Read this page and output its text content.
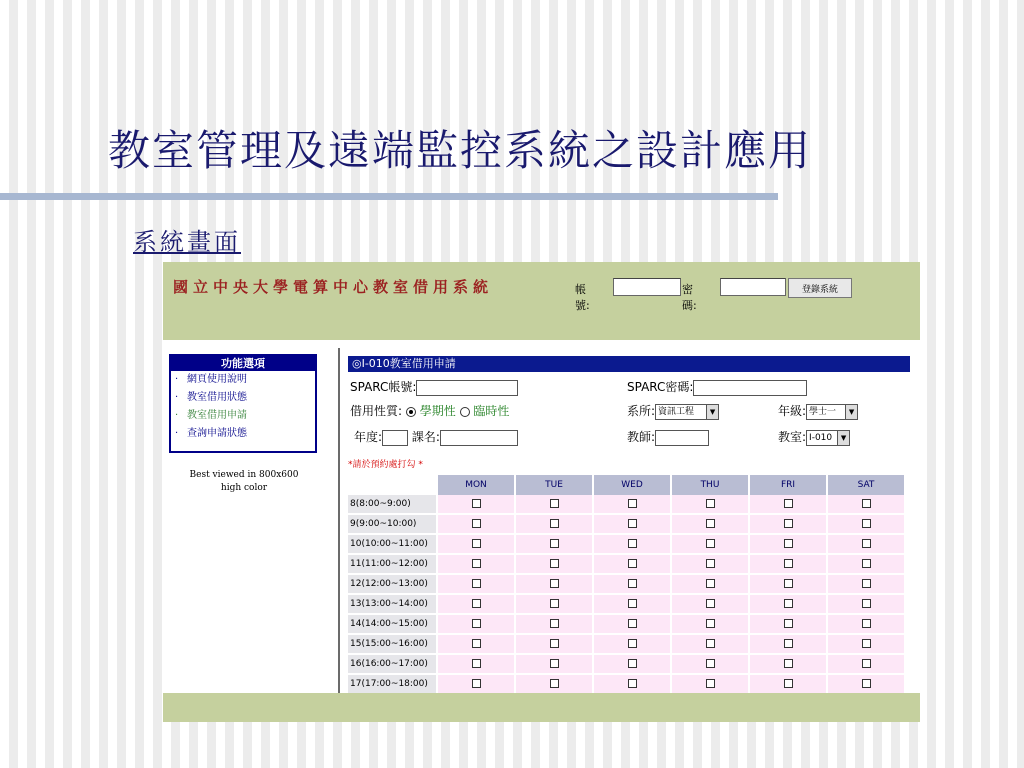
教室管理及遠端監控系統之設計應用
系統畫面
國立中央大學電算中心教室借用系統	帳號:
密碼:
登錄系統
功能選項
‧ 網頁使用說明
‧ 教室借用狀態
‧ 教室借用申請
‧ 查詢申請狀態
Best viewed in 800x600
high color
◎I-010教室借用申請
SPARC帳號:	SPARC密碼:
借用性質: 學期性 臨時性	系所: 資訊工程	▼	年級: 學士一	▼
年度: 課名:	教師:	教室: I-010	▼
*請於預約處打勾 *
	MON	TUE	WED	THU	FRI	SAT
8(8:00~9:00)						
9(9:00~10:00)						
10(10:00~11:00)						
11(11:00~12:00)						
12(12:00~13:00)						
13(13:00~14:00)						
14(14:00~15:00)						
15(15:00~16:00)						
16(16:00~17:00)						
17(17:00~18:00)						
